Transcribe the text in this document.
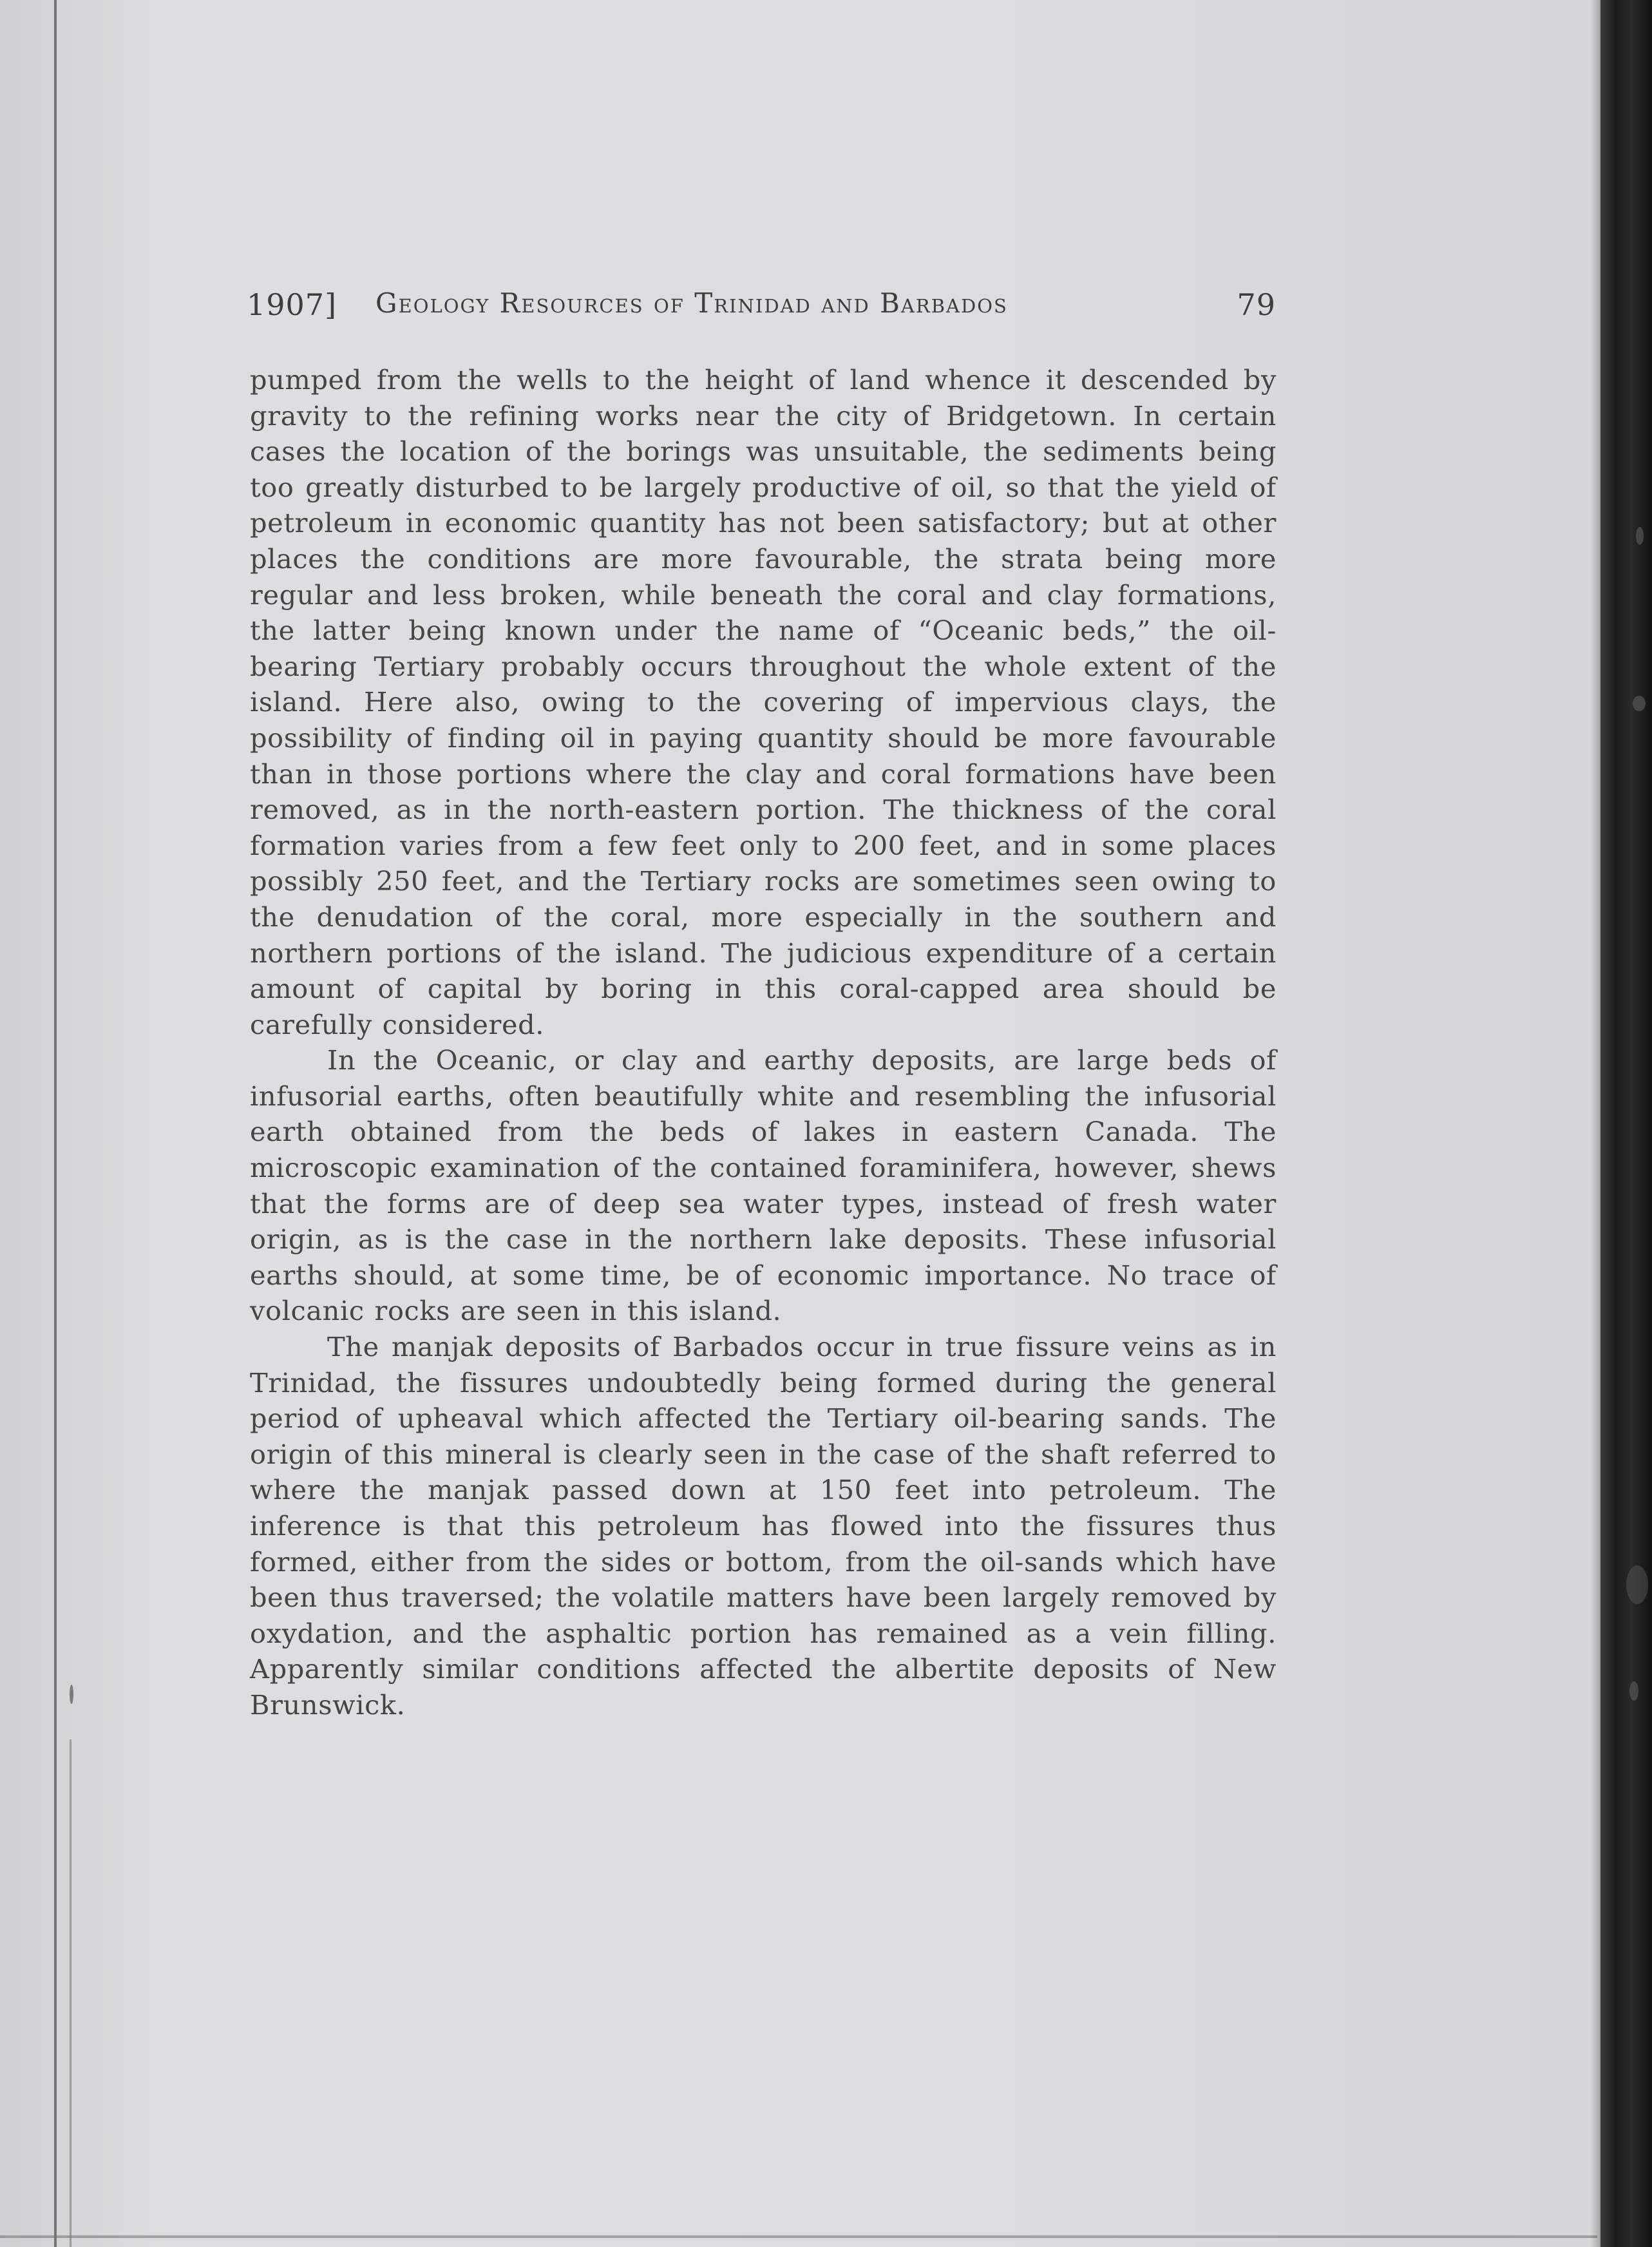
1907] Geology Resources of Trinidad and Barbados	79

pumped from the wells to the height of land whence it descended by gravity to the refining works near the city of Bridgetown. In certain cases the location of the borings was unsuitable, the sediments being too greatly disturbed to be largely productive of oil, so that the yield of petroleum in economic quantity has not been satisfactory; but at other places the conditions are more favourable, the strata being more regular and less broken, while beneath the coral and clay formations, the latter being known under the name of “Oceanic beds,” the oil-bearing Tertiary probably occurs throughout the whole extent of the island. Here also, owing to the covering of impervious clays, the possibility of finding oil in paying quantity should be more favourable than in those portions where the clay and coral formations have been removed, as in the north-eastern portion. The thickness of the coral formation varies from a few feet only to 200 feet, and in some places possibly 250 feet, and the Tertiary rocks are sometimes seen owing to the denudation of the coral, more especially in the southern and northern portions of the island. The judicious expenditure of a certain amount of capital by boring in this coral-capped area should be carefully considered.

In the Oceanic, or clay and earthy deposits, are large beds of infusorial earths, often beautifully white and resembling the infusorial earth obtained from the beds of lakes in eastern Canada. The microscopic examination of the contained foraminifera, however, shews that the forms are of deep sea water types, instead of fresh water origin, as is the case in the northern lake deposits. These infusorial earths should, at some time, be of economic importance. No trace of volcanic rocks are seen in this island.

The manjak deposits of Barbados occur in true fissure veins as in Trinidad, the fissures undoubtedly being formed during the general period of upheaval which affected the Tertiary oil-bearing sands. The origin of this mineral is clearly seen in the case of the shaft referred to where the manjak passed down at 150 feet into petroleum. The inference is that this petroleum has flowed into the fissures thus formed, either from the sides or bottom, from the oil-sands which have been thus traversed; the volatile matters have been largely removed by oxydation, and the asphaltic portion has remained as a vein filling. Apparently similar conditions affected the albertite deposits of New Brunswick.
